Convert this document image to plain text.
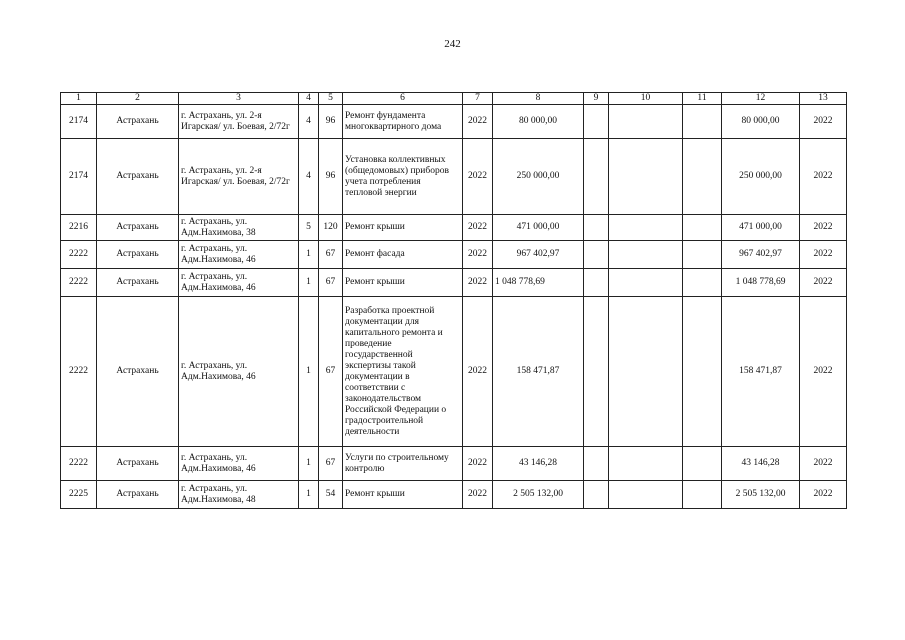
242
1	2	3	4	5	6	7	8	9	10	11	12	13
2174	Астрахань	г. Астрахань, ул. 2-я Игарская/ ул. Боевая, 2/72г	4	96	Ремонт фундамента многоквартирного дома	2022	80 000,00				80 000,00	2022
2174	Астрахань	г. Астрахань, ул. 2-я Игарская/ ул. Боевая, 2/72г	4	96	Установка коллективных (общедомовых) приборов учета потребления тепловой энергии	2022	250 000,00				250 000,00	2022
2216	Астрахань	г. Астрахань, ул. Адм.Нахимова, 38	5	120	Ремонт крыши	2022	471 000,00				471 000,00	2022
2222	Астрахань	г. Астрахань, ул. Адм.Нахимова, 46	1	67	Ремонт фасада	2022	967 402,97				967 402,97	2022
2222	Астрахань	г. Астрахань, ул. Адм.Нахимова, 46	1	67	Ремонт крыши	2022	1 048 778,69				1 048 778,69	2022
2222	Астрахань	г. Астрахань, ул. Адм.Нахимова, 46	1	67	Разработка проектной документации для капитального ремонта и проведение государственной экспертизы такой документации в соответствии с законодательством Российской Федерации о градостроительной деятельности	2022	158 471,87				158 471,87	2022
2222	Астрахань	г. Астрахань, ул. Адм.Нахимова, 46	1	67	Услуги по строительному контролю	2022	43 146,28				43 146,28	2022
2225	Астрахань	г. Астрахань, ул. Адм.Нахимова, 48	1	54	Ремонт крыши	2022	2 505 132,00				2 505 132,00	2022
